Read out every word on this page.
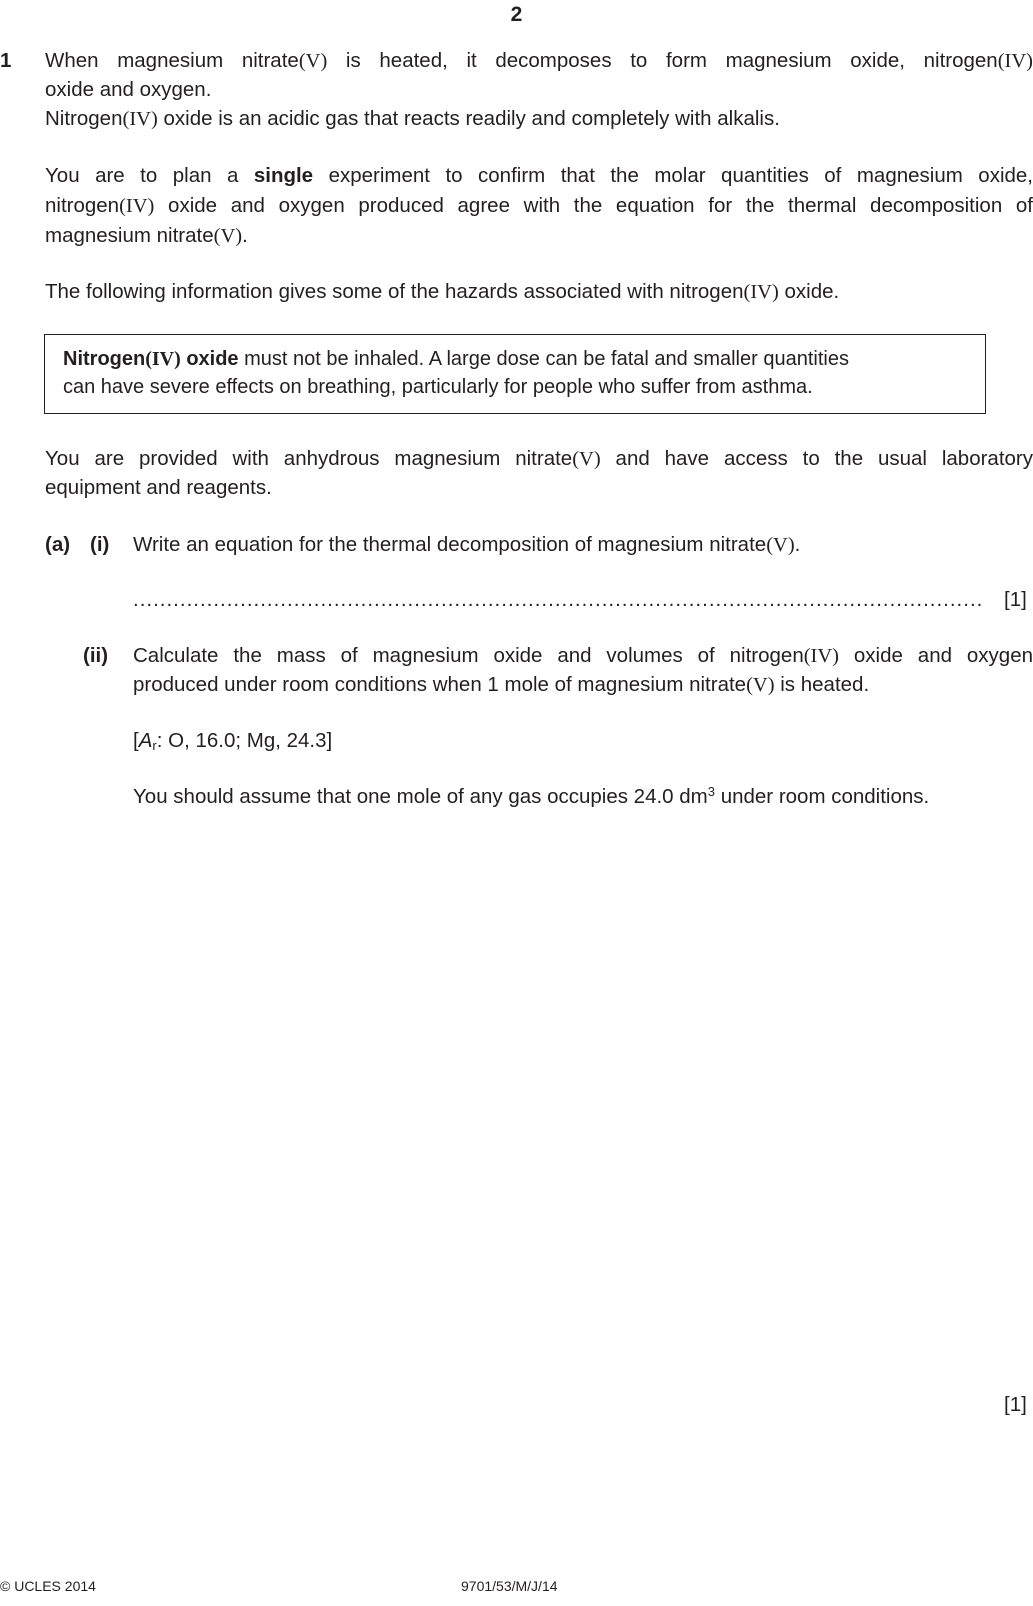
2
1 When magnesium nitrate(V) is heated, it decomposes to form magnesium oxide, nitrogen(IV)
oxide and oxygen.
Nitrogen(IV) oxide is an acidic gas that reacts readily and completely with alkalis.
You are to plan a single experiment to confirm that the molar quantities of magnesium oxide,
nitrogen(IV) oxide and oxygen produced agree with the equation for the thermal decomposition of
magnesium nitrate(V).
The following information gives some of the hazards associated with nitrogen(IV) oxide.
Nitrogen(IV) oxide must not be inhaled. A large dose can be fatal and smaller quantities
can have severe effects on breathing, particularly for people who suffer from asthma.
You are provided with anhydrous magnesium nitrate(V) and have access to the usual laboratory
equipment and reagents.
(a) (i) Write an equation for the thermal decomposition of magnesium nitrate(V).
...............................................................................................................................	[1]
(ii) Calculate the mass of magnesium oxide and volumes of nitrogen(IV) oxide and oxygen
produced under room conditions when 1 mole of magnesium nitrate(V) is heated.
[$A_r$: O, 16.0; Mg, 24.3]
You should assume that one mole of any gas occupies 24.0 $dm^3$ under room conditions.
[1]
© UCLES 2014	9701/53/M/J/14
